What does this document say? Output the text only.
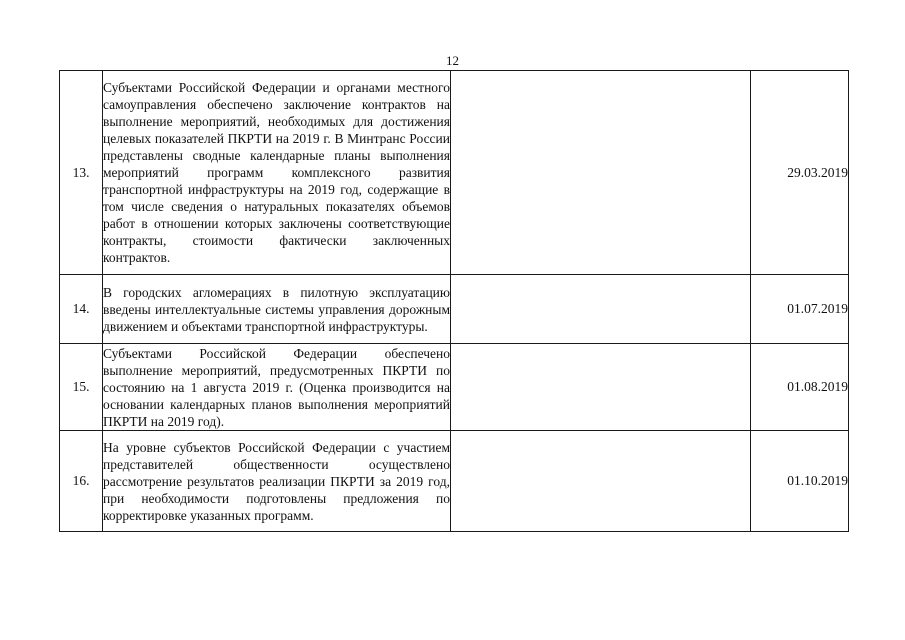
12
13.	Субъектами Российской Федерации и органами местного самоуправления обеспечено заключение контрактов на выполнение мероприятий, необходимых для достижения целевых показателей ПКРТИ на 2019 г. В Минтранс России представлены сводные календарные планы выполнения мероприятий программ комплексного развития транспортной инфраструктуры на 2019 год, содержащие в том числе сведения о натуральных показателях объемов работ в отношении которых заключены соответствующие контракты, стоимости фактически заключенных контрактов.		29.03.2019
14.	В городских агломерациях в пилотную эксплуатацию введены интеллектуальные системы управления дорожным движением и объектами транспортной инфраструктуры.		01.07.2019
15.	Субъектами Российской Федерации обеспечено выполнение мероприятий, предусмотренных ПКРТИ по состоянию на 1 августа 2019 г. (Оценка производится на основании календарных планов выполнения мероприятий ПКРТИ на 2019 год).		01.08.2019
16.	На уровне субъектов Российской Федерации с участием представителей общественности осуществлено рассмотрение результатов реализации ПКРТИ за 2019 год, при необходимости подготовлены предложения по корректировке указанных программ.		01.10.2019
